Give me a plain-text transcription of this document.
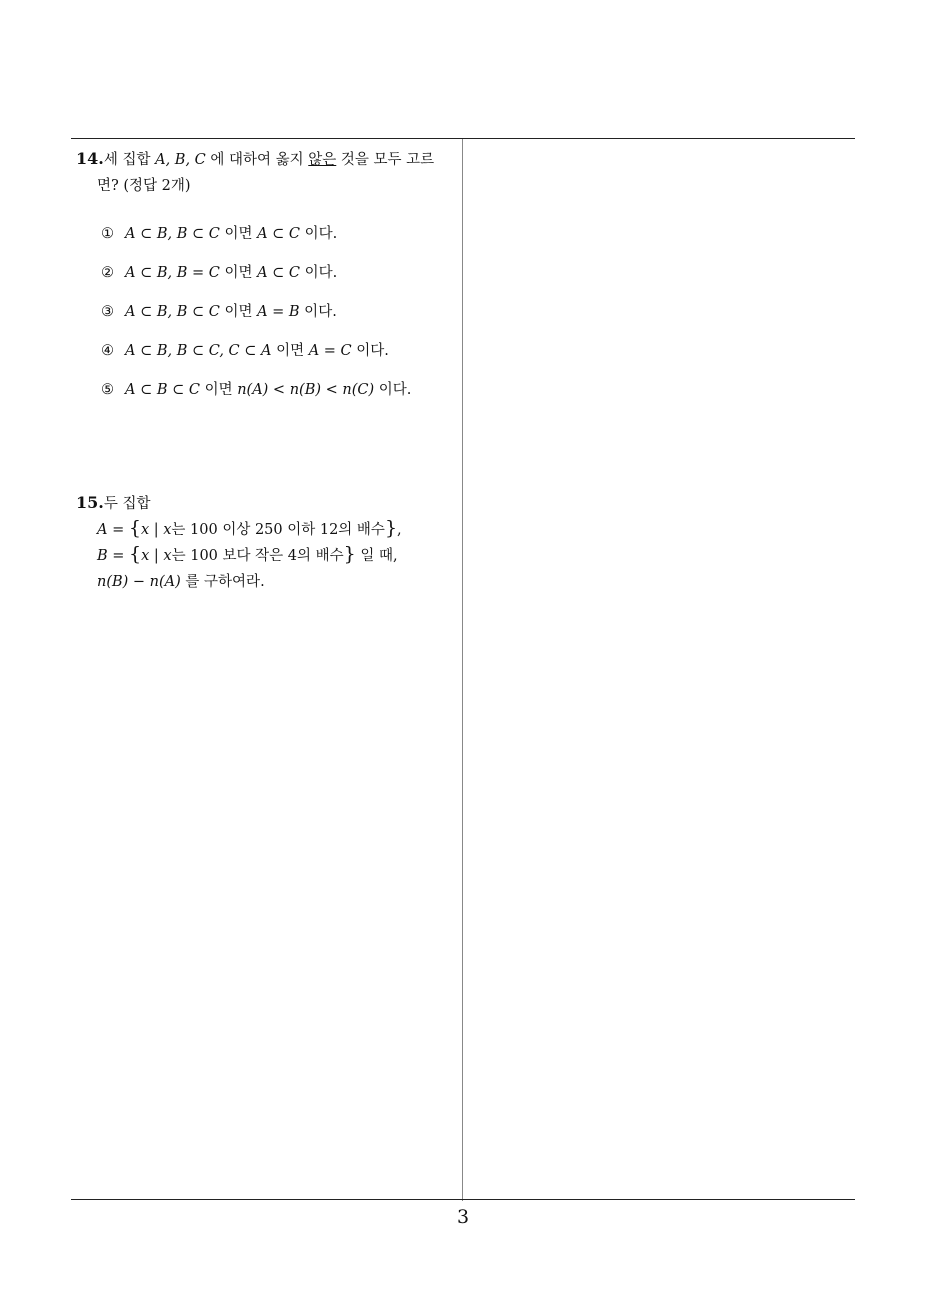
14.세 집합 A, B, C 에 대하여 옳지 않은 것을 모두 고르
면? (정답 2개)
① A ⊂ B, B ⊂ C 이면 A ⊂ C 이다.
② A ⊂ B, B = C 이면 A ⊂ C 이다.
③ A ⊂ B, B ⊂ C 이면 A = B 이다.
④ A ⊂ B, B ⊂ C, C ⊂ A 이면 A = C 이다.
⑤ A ⊂ B ⊂ C 이면 n(A) < n(B) < n(C) 이다.
15.두 집합
A = {x | x는 100 이상 250 이하 12의 배수},
B = {x | x는 100 보다 작은 4의 배수} 일 때,
n(B) − n(A) 를 구하여라.
3
